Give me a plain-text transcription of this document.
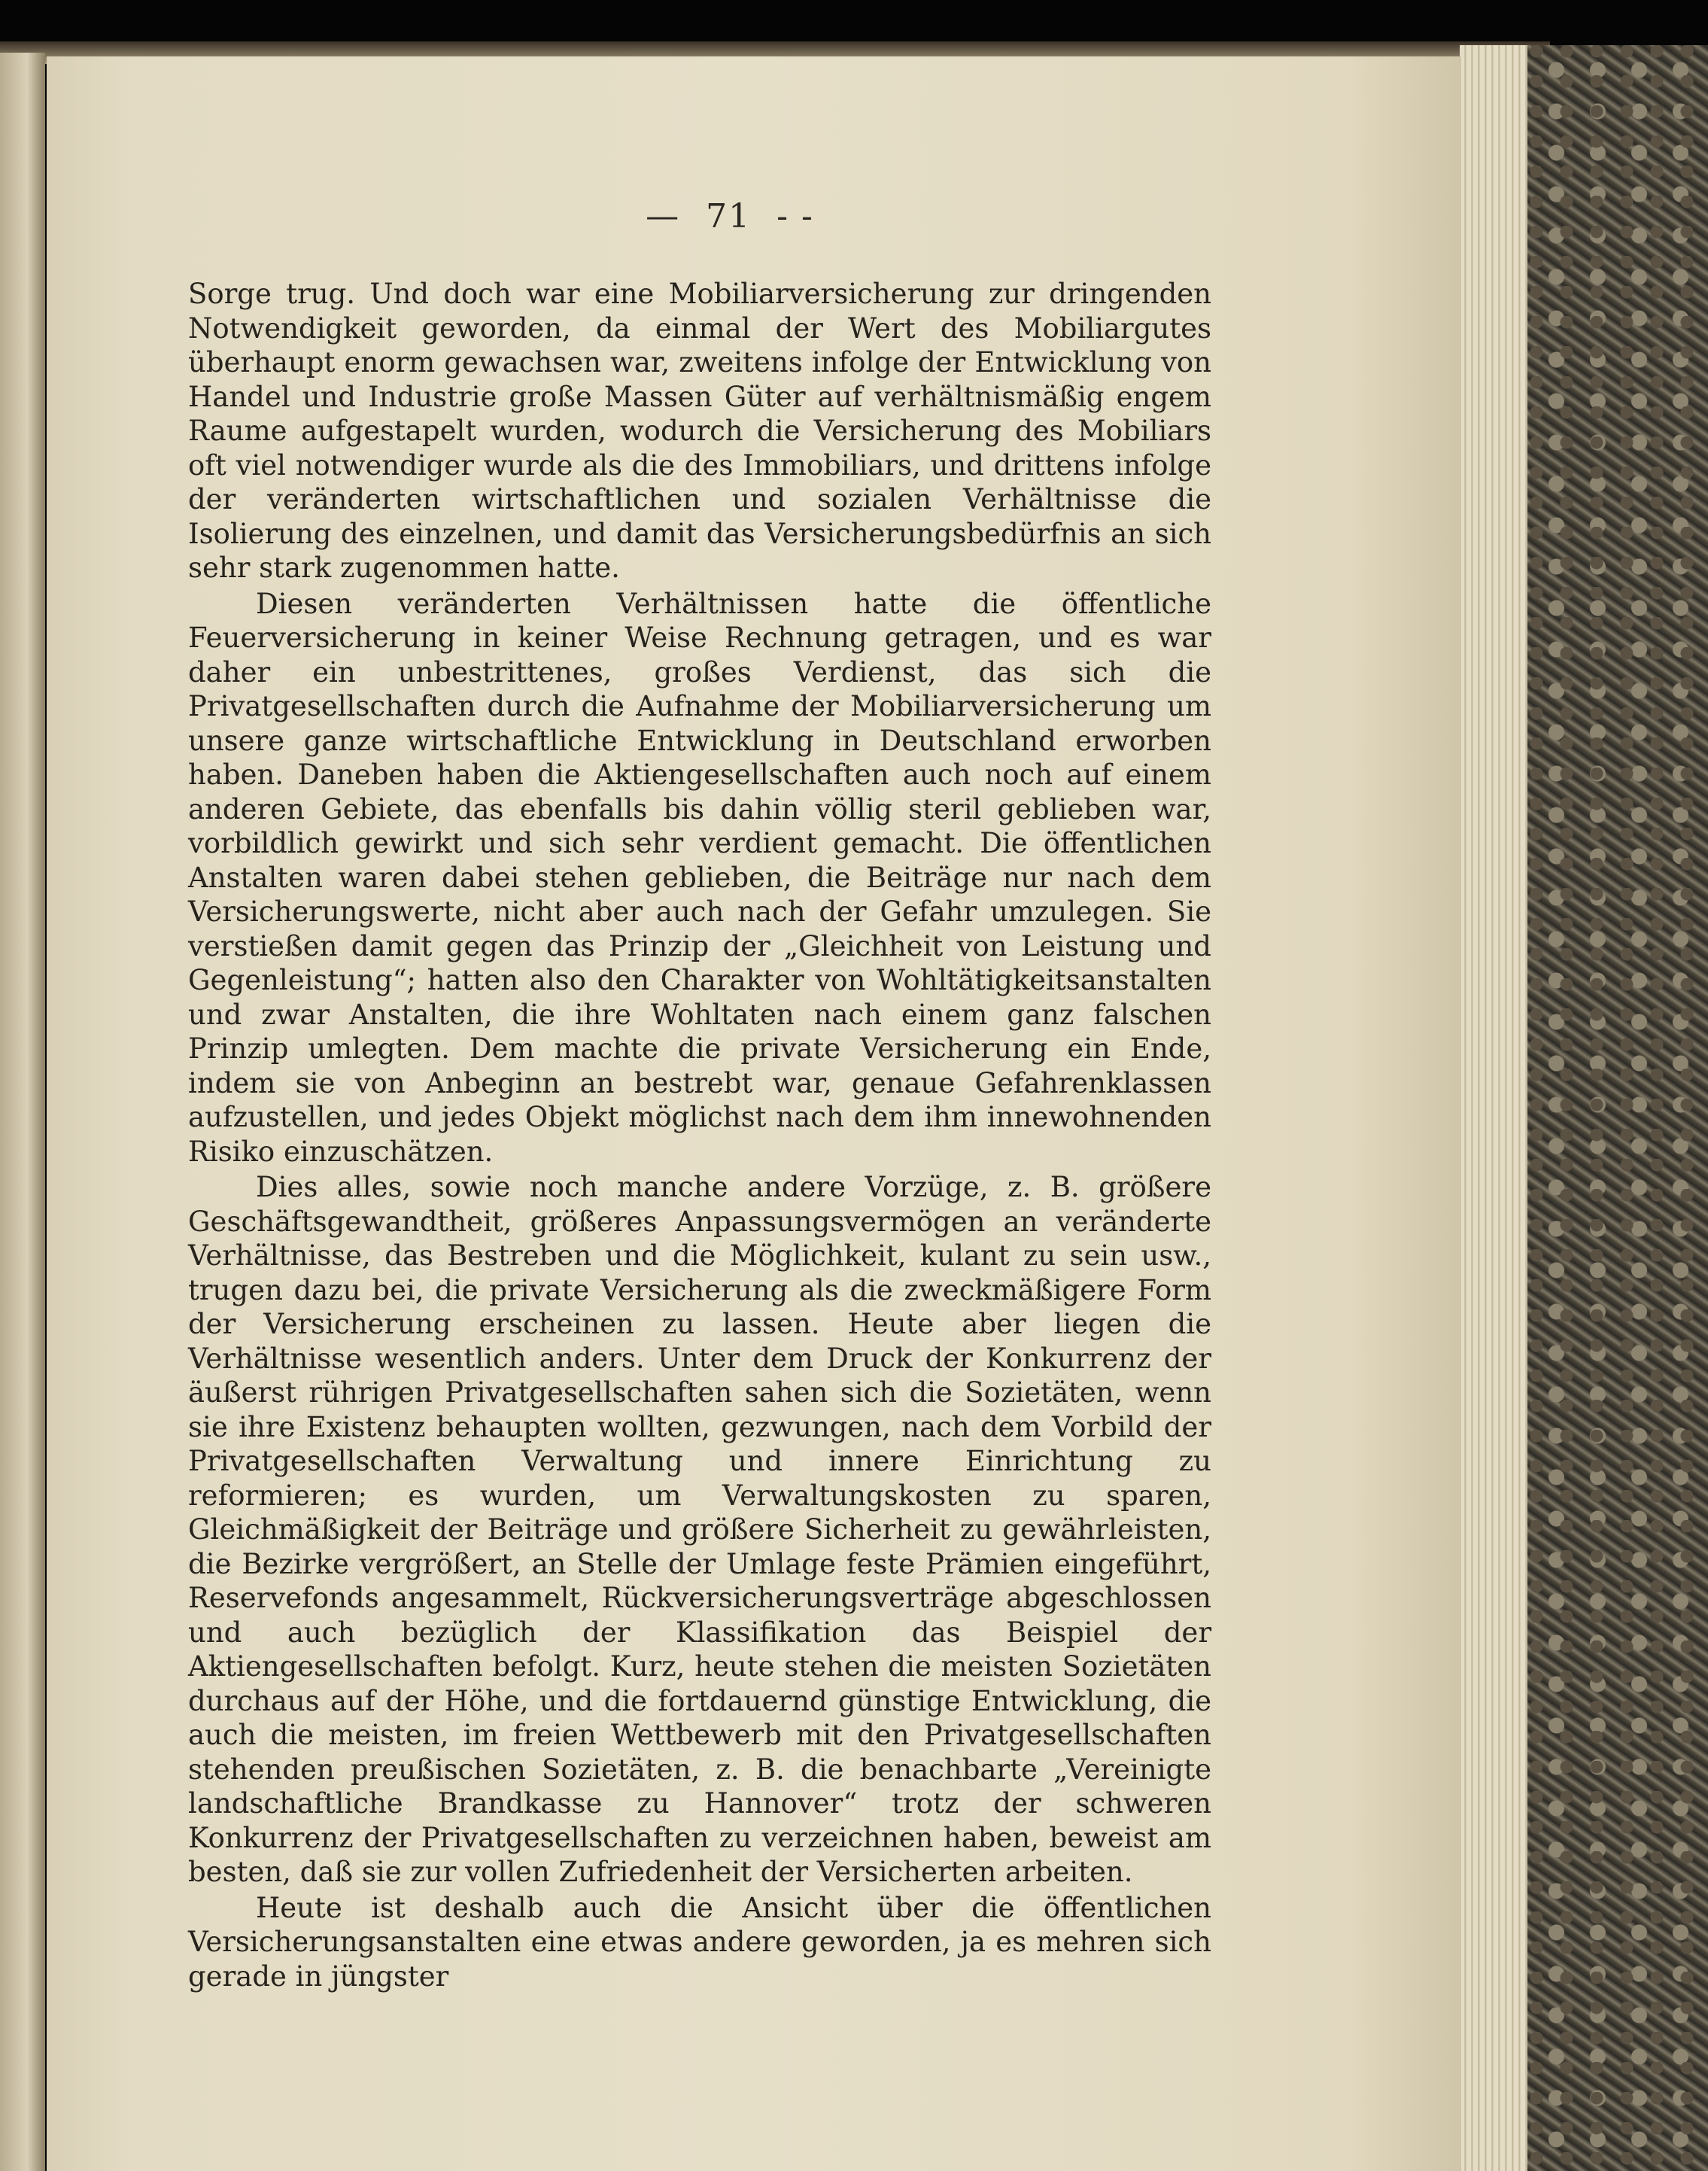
— 71 - -

Sorge trug. Und doch war eine Mobiliarversicherung zur dringenden Notwendigkeit geworden, da einmal der Wert des Mobiliargutes überhaupt enorm gewachsen war, zweitens infolge der Entwicklung von Handel und Industrie große Massen Güter auf verhältnismäßig engem Raume aufgestapelt wurden, wodurch die Versicherung des Mobiliars oft viel notwendiger wurde als die des Immobiliars, und drittens infolge der veränderten wirtschaftlichen und sozialen Verhältnisse die Isolierung des einzelnen, und damit das Versicherungsbedürfnis an sich sehr stark zugenommen hatte.

Diesen veränderten Verhältnissen hatte die öffentliche Feuerversicherung in keiner Weise Rechnung getragen, und es war daher ein unbestrittenes, großes Verdienst, das sich die Privatgesellschaften durch die Aufnahme der Mobiliarversicherung um unsere ganze wirtschaftliche Entwicklung in Deutschland erworben haben. Daneben haben die Aktiengesellschaften auch noch auf einem anderen Gebiete, das ebenfalls bis dahin völlig steril geblieben war, vorbildlich gewirkt und sich sehr verdient gemacht. Die öffentlichen Anstalten waren dabei stehen geblieben, die Beiträge nur nach dem Versicherungswerte, nicht aber auch nach der Gefahr umzulegen. Sie verstießen damit gegen das Prinzip der „Gleichheit von Leistung und Gegenleistung“; hatten also den Charakter von Wohltätigkeitsanstalten und zwar Anstalten, die ihre Wohltaten nach einem ganz falschen Prinzip umlegten. Dem machte die private Versicherung ein Ende, indem sie von Anbeginn an bestrebt war, genaue Gefahrenklassen aufzustellen, und jedes Objekt möglichst nach dem ihm innewohnenden Risiko einzuschätzen.

Dies alles, sowie noch manche andere Vorzüge, z. B. größere Geschäftsgewandtheit, größeres Anpassungsvermögen an veränderte Verhältnisse, das Bestreben und die Möglichkeit, kulant zu sein usw., trugen dazu bei, die private Versicherung als die zweckmäßigere Form der Versicherung erscheinen zu lassen. Heute aber liegen die Verhältnisse wesentlich anders. Unter dem Druck der Konkurrenz der äußerst rührigen Privatgesellschaften sahen sich die Sozietäten, wenn sie ihre Existenz behaupten wollten, gezwungen, nach dem Vorbild der Privatgesellschaften Verwaltung und innere Einrichtung zu reformieren; es wurden, um Verwaltungskosten zu sparen, Gleichmäßigkeit der Beiträge und größere Sicherheit zu gewährleisten, die Bezirke vergrößert, an Stelle der Umlage feste Prämien eingeführt, Reservefonds angesammelt, Rückversicherungsverträge abgeschlossen und auch bezüglich der Klassifikation das Beispiel der Aktiengesellschaften befolgt. Kurz, heute stehen die meisten Sozietäten durchaus auf der Höhe, und die fortdauernd günstige Entwicklung, die auch die meisten, im freien Wettbewerb mit den Privatgesellschaften stehenden preußischen Sozietäten, z. B. die benachbarte „Vereinigte landschaftliche Brandkasse zu Hannover“ trotz der schweren Konkurrenz der Privatgesellschaften zu verzeichnen haben, beweist am besten, daß sie zur vollen Zufriedenheit der Versicherten arbeiten.

Heute ist deshalb auch die Ansicht über die öffentlichen Versicherungsanstalten eine etwas andere geworden, ja es mehren sich gerade in jüngster
